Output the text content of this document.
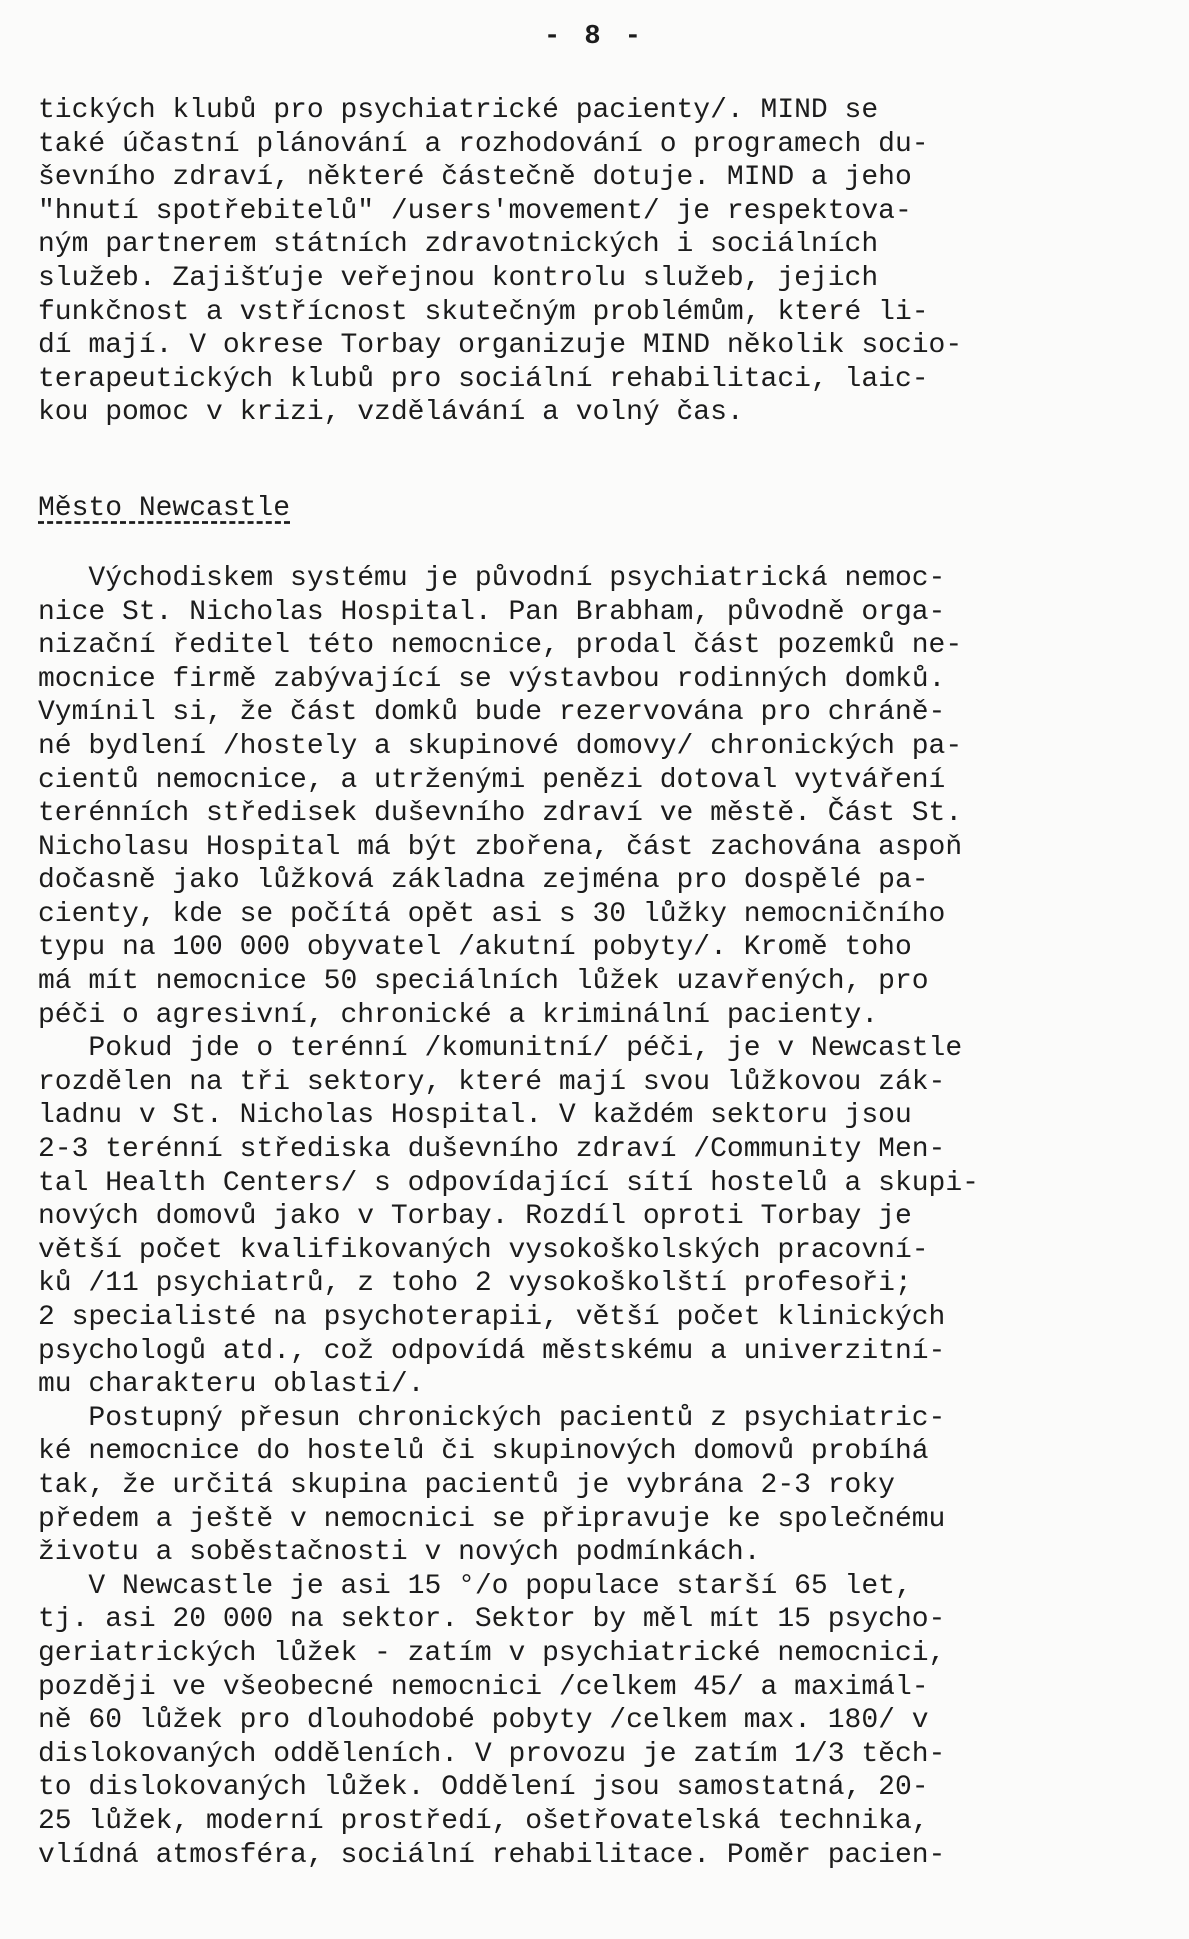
- 8 -
tických klubů pro psychiatrické pacienty/. MIND se
také účastní plánování a rozhodování o programech du-
ševního zdraví, některé částečně dotuje. MIND a jeho
"hnutí spotřebitelů" /users'movement/ je respektova-
ným partnerem státních zdravotnických i sociálních
služeb. Zajišťuje veřejnou kontrolu služeb, jejich
funkčnost a vstřícnost skutečným problémům, které li-
dí mají. V okrese Torbay organizuje MIND několik socio-
terapeutických klubů pro sociální rehabilitaci, laic-
kou pomoc v krizi, vzdělávání a volný čas.
Město Newcastle
Východiskem systému je původní psychiatrická nemoc-
nice St. Nicholas Hospital. Pan Brabham, původně orga-
nizační ředitel této nemocnice, prodal část pozemků ne-
mocnice firmě zabývající se výstavbou rodinných domků.
Vymínil si, že část domků bude rezervována pro chráně-
né bydlení /hostely a skupinové domovy/ chronických pa-
cientů nemocnice, a utrženými penězi dotoval vytváření
terénních středisek duševního zdraví ve městě. Část St.
Nicholasu Hospital má být zbořena, část zachována aspoň
dočasně jako lůžková základna zejména pro dospělé pa-
cienty, kde se počítá opět asi s 30 lůžky nemocničního
typu na 100 000 obyvatel /akutní pobyty/. Kromě toho
má mít nemocnice 50 speciálních lůžek uzavřených, pro
péči o agresivní, chronické a kriminální pacienty.
Pokud jde o terénní /komunitní/ péči, je v Newcastle
rozdělen na tři sektory, které mají svou lůžkovou zák-
ladnu v St. Nicholas Hospital. V každém sektoru jsou
2-3 terénní střediska duševního zdraví /Community Men-
tal Health Centers/ s odpovídající sítí hostelů a skupi-
nových domovů jako v Torbay. Rozdíl oproti Torbay je
větší počet kvalifikovaných vysokoškolských pracovní-
ků /11 psychiatrů, z toho 2 vysokoškolští profesoři;
2 specialisté na psychoterapii, větší počet klinických
psychologů atd., což odpovídá městskému a univerzitní-
mu charakteru oblasti/.
Postupný přesun chronických pacientů z psychiatric-
ké nemocnice do hostelů či skupinových domovů probíhá
tak, že určitá skupina pacientů je vybrána 2-3 roky
předem a ještě v nemocnici se připravuje ke společnému
životu a soběstačnosti v nových podmínkách.
V Newcastle je asi 15 °/o populace starší 65 let,
tj. asi 20 000 na sektor. Sektor by měl mít 15 psycho-
geriatrických lůžek - zatím v psychiatrické nemocnici,
později ve všeobecné nemocnici /celkem 45/ a maximál-
ně 60 lůžek pro dlouhodobé pobyty /celkem max. 180/ v
dislokovaných odděleních. V provozu je zatím 1/3 těch-
to dislokovaných lůžek. Oddělení jsou samostatná, 20-
25 lůžek, moderní prostředí, ošetřovatelská technika,
vlídná atmosféra, sociální rehabilitace. Poměr pacien-
